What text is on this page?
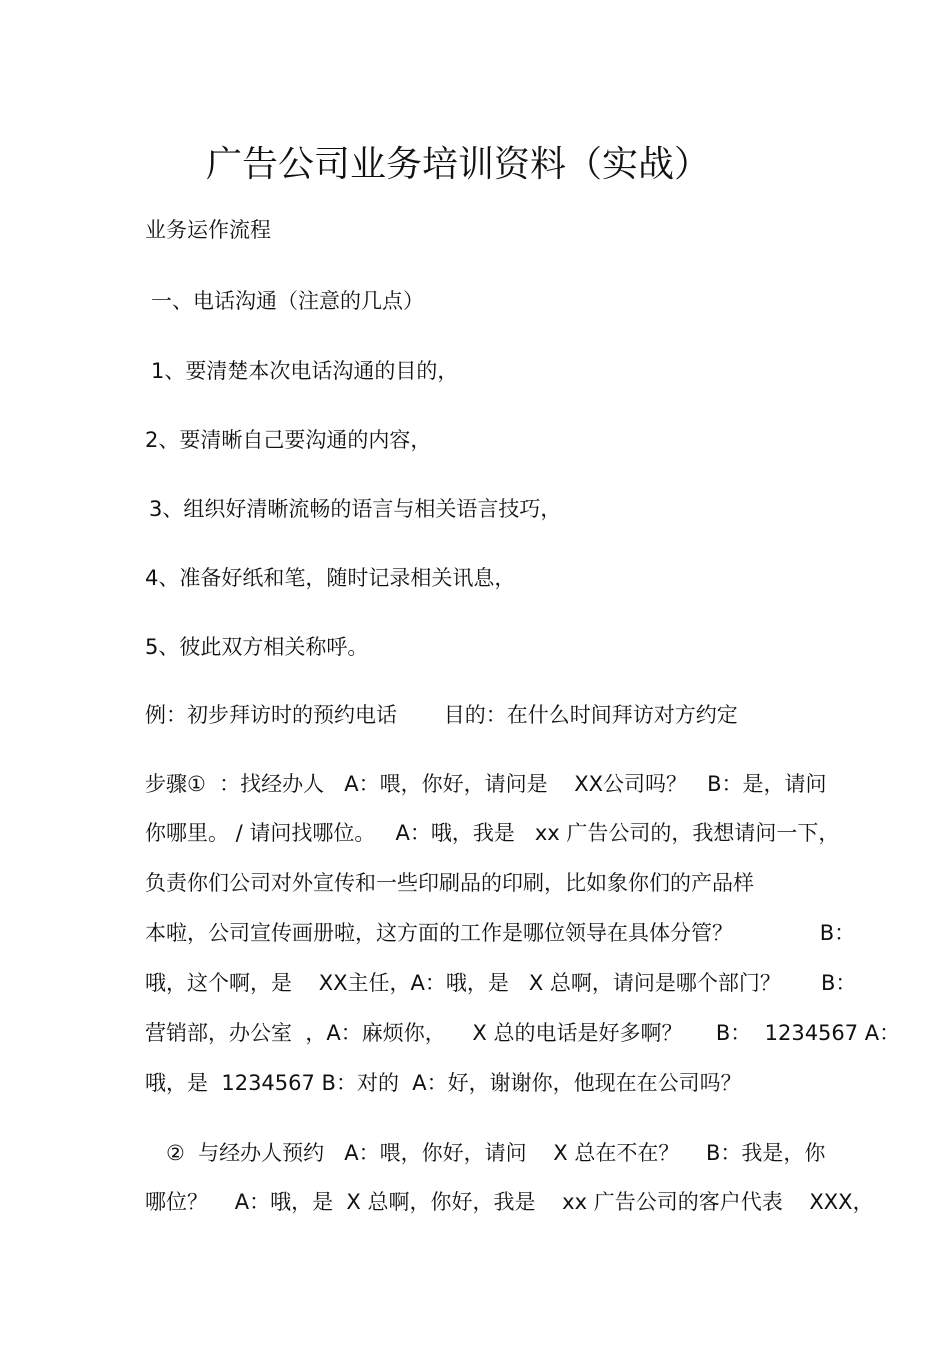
广告公司业务培训资料（实战）

业务运作流程

一、电话沟通（注意的几点）

1、要清楚本次电话沟通的目的，

2、要清晰自己要沟通的内容，

3、组织好清晰流畅的语言与相关语言技巧，

4、准备好纸和笔，随时记录相关讯息，

5、彼此双方相关称呼。

例：初步拜访时的预约电话       目的：在什么时间拜访对方约定

步骤①  ：找经办人   A：喂，你好，请问是    XX公司吗？   B：是，请问

你哪里。 / 请问找哪位。   A：哦，我是   xx 广告公司的，我想请问一下，

负责你们公司对外宣传和一些印刷品的印刷，比如象你们的产品样

本啦，公司宣传画册啦，这方面的工作是哪位领导在具体分管？             B：

哦，这个啊，是    XX主任，A：哦，是   X 总啊，请问是哪个部门？      B：

营销部，办公室  ，A：麻烦你，    X 总的电话是好多啊？     B：  1234567 A：

哦，是  1234567 B：对的  A：好，谢谢你，他现在在公司吗？

②  与经办人预约   A：喂，你好，请问    X 总在不在？    B：我是，你

哪位？    A：哦，是  X 总啊，你好，我是    xx 广告公司的客户代表    XXX，
